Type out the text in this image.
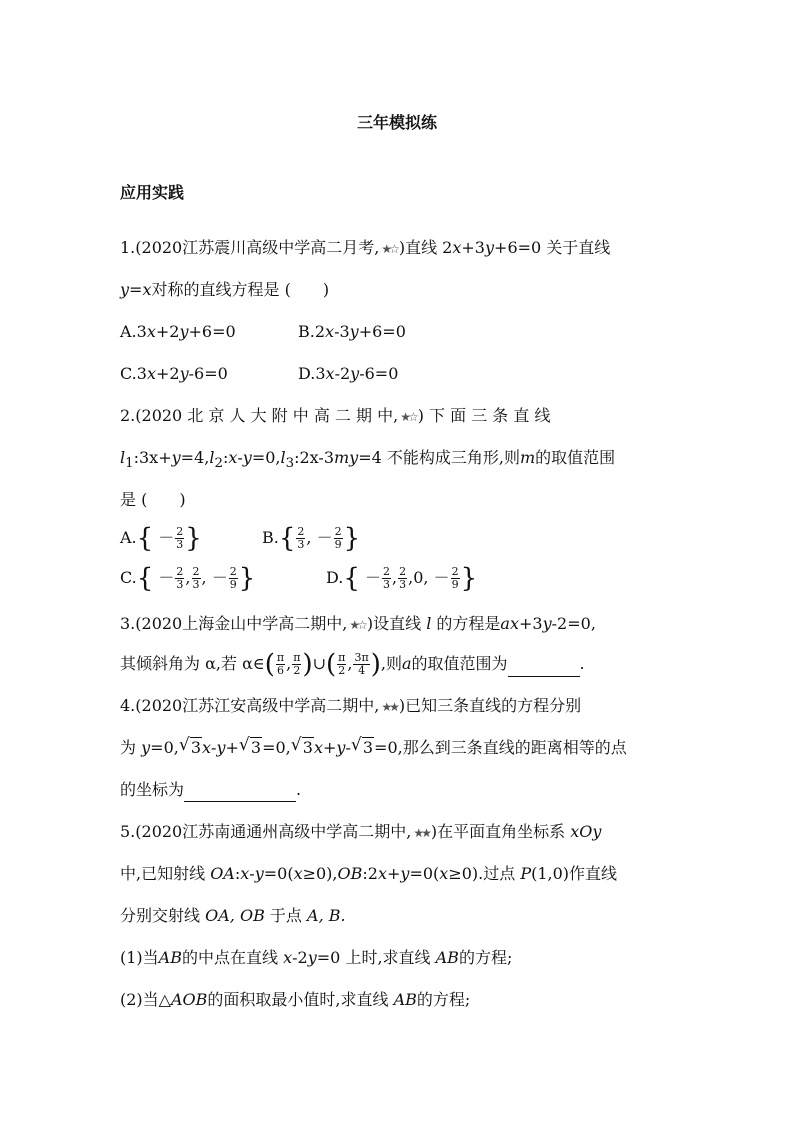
三年模拟练
应用实践
1.(2020江苏震川高级中学高二月考, ★☆ )直线 2x+3y+6=0 关于直线
y=x对称的直线方程是 (　　)
A.3x+2y+6=0	B.2x-3y+6=0
C.3x+2y-6=0	D.3x-2y-6=0
2.(2020 北 京 人 大 附 中 高 二 期 中, ★☆ ) 下 面 三 条 直 线
$l_1:3x+y=4,l_2:x-y=0,l_3:2x-3my=4$ 不能构成三角形,则m的取值范围
是 (　　)
$A.\{ - \frac{2}{3}$ }	$B.\{ \frac{2}{3}$ , － $\frac{2}{9}$ }
$C.\{ - \frac{2}{3}$ , $\frac{2}{3}$ , － $\frac{2}{9}$ }	$D.\{ - \frac{2}{3}$ , $\frac{2}{3} ,0$, － $\frac{2}{9}$ }
3.(2020上海金山中学高二期中, ★☆ )设直线 l 的方程是ax+3y-2=0,
其倾斜角为 α,若 α∈( $\frac{\pi}{6}$ , $\frac{\pi}{2}$ )∪( $\frac{\pi}{2}$ , $\frac{3\pi}{4}$ ),则a的取值范围为	.
4.(2020江苏江安高级中学高二期中, ★★ )已知三条直线的方程分别
为 y=0, √ 3x-y+ √ 3=0, √ 3x+y- √ 3=0,那么到三条直线的距离相等的点
的坐标为	.
5.(2020江苏南通通州高级中学高二期中, ★★ )在平面直角坐标系 xOy
中,已知射线 OA:x-y=0(x≥0),OB:2x+y=0(x≥0).过点 P(1,0)作直线
分别交射线 OA, OB 于点 A, B.
(1)当AB的中点在直线 x-2y=0 上时,求直线 AB的方程;
(2)当△AOB的面积取最小值时,求直线 AB的方程;
